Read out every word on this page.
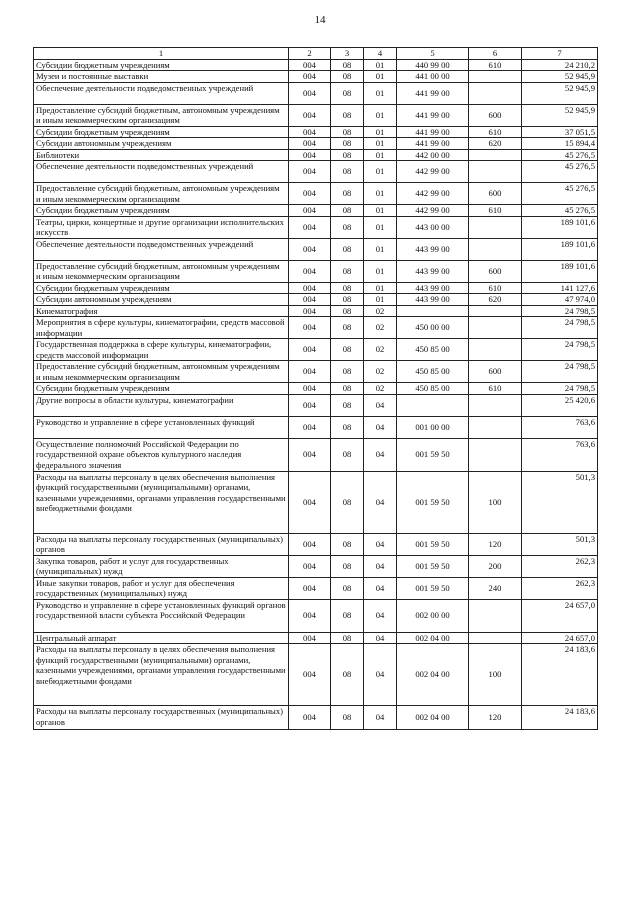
14
1	2	3	4	5	6	7
Субсидии бюджетным учреждениям	004	08	01	440 99 00	610	24 210,2
Музеи и постоянные выставки	004	08	01	441 00 00		52 945,9
Обеспечение деятельности подведомственных учреждений	004	08	01	441 99 00		52 945,9
Предоставление субсидий бюджетным, автономным учреждениям и иным некоммерческим организациям	004	08	01	441 99 00	600	52 945,9
Субсидии бюджетным учреждениям	004	08	01	441 99 00	610	37 051,5
Субсидии автономным учреждениям	004	08	01	441 99 00	620	15 894,4
Библиотеки	004	08	01	442 00 00		45 276,5
Обеспечение деятельности подведомственных учреждений	004	08	01	442 99 00		45 276,5
Предоставление субсидий бюджетным, автономным учреждениям и иным некоммерческим организациям	004	08	01	442 99 00	600	45 276,5
Субсидии бюджетным учреждениям	004	08	01	442 99 00	610	45 276,5
Театры, цирки, концертные и другие организации исполнительских искусств	004	08	01	443 00 00		189 101,6
Обеспечение деятельности подведомственных учреждений	004	08	01	443 99 00		189 101,6
Предоставление субсидий бюджетным, автономным учреждениям и иным некоммерческим организациям	004	08	01	443 99 00	600	189 101,6
Субсидии бюджетным учреждениям	004	08	01	443 99 00	610	141 127,6
Субсидии автономным учреждениям	004	08	01	443 99 00	620	47 974,0
Кинематография	004	08	02			24 798,5
Мероприятия в сфере культуры, кинематографии, средств массовой информации	004	08	02	450 00 00		24 798,5
Государственная поддержка в сфере культуры, кинематографии, средств массовой информации	004	08	02	450 85 00		24 798,5
Предоставление субсидий бюджетным, автономным учреждениям и иным некоммерческим организациям	004	08	02	450 85 00	600	24 798,5
Субсидии бюджетным учреждениям	004	08	02	450 85 00	610	24 798,5
Другие вопросы в области культуры, кинематографии	004	08	04			25 420,6
Руководство и управление в сфере установленных функций	004	08	04	001 00 00		763,6
Осуществление полномочий Российской Федерации по государственной охране объектов культурного наследия федерального значения	004	08	04	001 59 50		763,6
Расходы на выплаты персоналу в целях обеспечения выполнения функций государственными (муниципальными) органами, казенными учреждениями, органами управления государственными внебюджетными фондами	004	08	04	001 59 50	100	501,3
Расходы на выплаты персоналу государственных (муниципальных) органов	004	08	04	001 59 50	120	501,3
Закупка товаров, работ и услуг для государственных (муниципальных) нужд	004	08	04	001 59 50	200	262,3
Иные закупки товаров, работ и услуг для обеспечения государственных (муниципальных) нужд	004	08	04	001 59 50	240	262,3
Руководство и управление в сфере установленных функций органов государственной власти субъекта Российской Федерации	004	08	04	002 00 00		24 657,0
Центральный аппарат	004	08	04	002 04 00		24 657,0
Расходы на выплаты персоналу в целях обеспечения выполнения функций государственными (муниципальными) органами, казенными учреждениями, органами управления государственными внебюджетными фондами	004	08	04	002 04 00	100	24 183,6
Расходы на выплаты персоналу государственных (муниципальных) органов	004	08	04	002 04 00	120	24 183,6
